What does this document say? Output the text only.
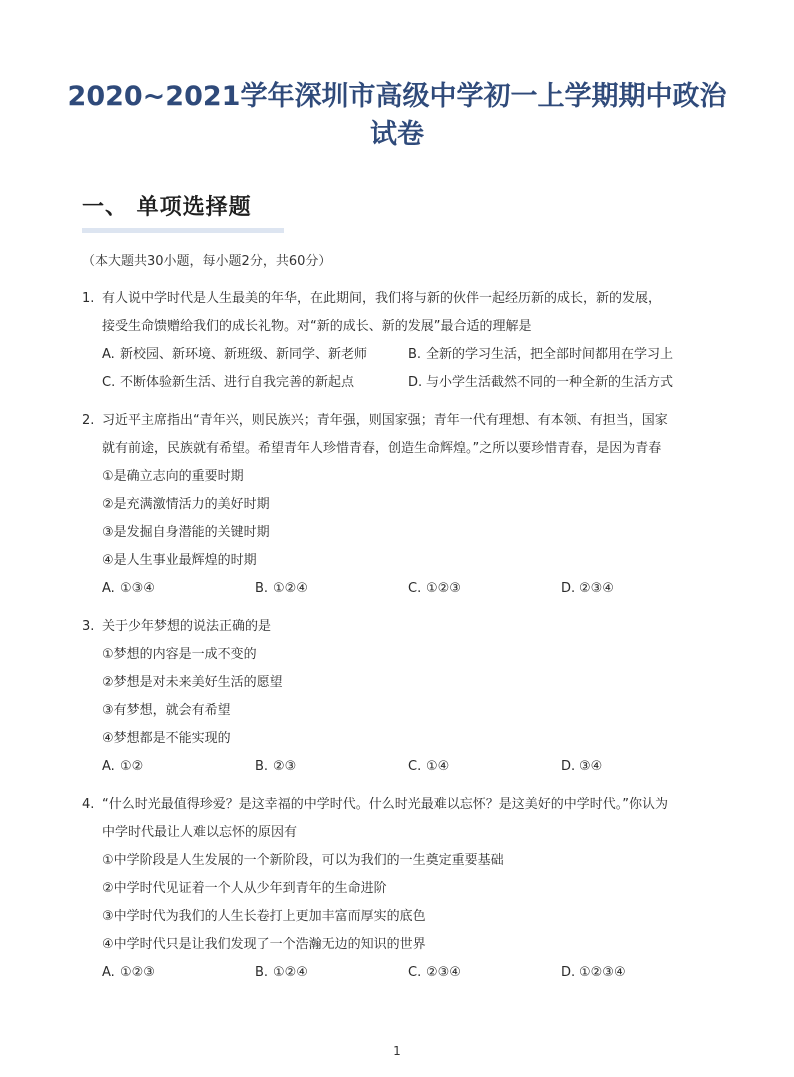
2020~2021学年深圳市高级中学初一上学期期中政治试卷
一、 单项选择题
（本大题共30小题，每小题2分，共60分）
1. 有人说中学时代是人生最美的年华，在此期间，我们将与新的伙伴一起经历新的成长，新的发展，
接受生命馈赠给我们的成长礼物。对“新的成长、新的发展”最合适的理解是
A. 新校园、新环境、新班级、新同学、新老师	B. 全新的学习生活，把全部时间都用在学习上
C. 不断体验新生活、进行自我完善的新起点	D. 与小学生活截然不同的一种全新的生活方式
2. 习近平主席指出“青年兴，则民族兴；青年强，则国家强；青年一代有理想、有本领、有担当，国家
就有前途，民族就有希望。希望青年人珍惜青春，创造生命辉煌。”之所以要珍惜青春，是因为青春
①是确立志向的重要时期
②是充满激情活力的美好时期
③是发掘自身潜能的关键时期
④是人生事业最辉煌的时期
A. ①③④	B. ①②④	C. ①②③	D. ②③④
3. 关于少年梦想的说法正确的是
①梦想的内容是一成不变的
②梦想是对未来美好生活的愿望
③有梦想，就会有希望
④梦想都是不能实现的
A. ①②	B. ②③	C. ①④	D. ③④
4. “什么时光最值得珍爱？是这幸福的中学时代。什么时光最难以忘怀？是这美好的中学时代。”你认为
中学时代最让人难以忘怀的原因有
①中学阶段是人生发展的一个新阶段，可以为我们的一生奠定重要基础
②中学时代见证着一个人从少年到青年的生命进阶
③中学时代为我们的人生长卷打上更加丰富而厚实的底色
④中学时代只是让我们发现了一个浩瀚无边的知识的世界
A. ①②③	B. ①②④	C. ②③④	D. ①②③④
1
